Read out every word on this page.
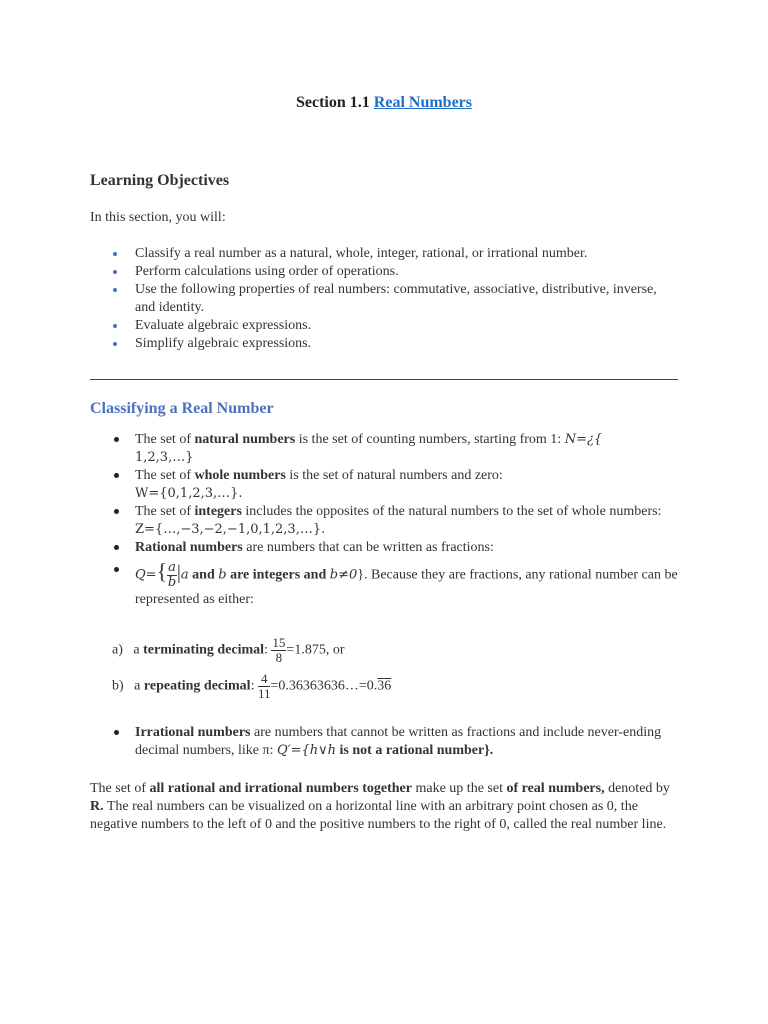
Section 1.1 Real Numbers
Learning Objectives
In this section, you will:
Classify a real number as a natural, whole, integer, rational, or irrational number.
Perform calculations using order of operations.
Use the following properties of real numbers: commutative, associative, distributive, inverse, and identity.
Evaluate algebraic expressions.
Simplify algebraic expressions.
Classifying a Real Number
The set of natural numbers is the set of counting numbers, starting from 1: N=¿{
1,2,3,…}
The set of whole numbers is the set of natural numbers and zero:
W={0,1,2,3,…}.
The set of integers includes the opposites of the natural numbers to the set of whole numbers:
Z={…,−3,−2,−1,0,1,2,3,…}.
Rational numbers are numbers that can be written as fractions:
$Q=\{ \frac{a}{b} |a$ and b are integers and b≠0}. Because they are fractions, any rational number can be represented as either:
a) a terminating decimal: $\frac{15}{8} =1.875$, or
b) a repeating decimal: $\frac{4}{11}$ =0.36363636…=0.36
Irrational numbers are numbers that cannot be written as fractions and include never-ending decimal numbers, like π: Q′={h∨h is not a rational number}.

The set of all rational and irrational numbers together make up the set of real numbers, denoted by R. The real numbers can be visualized on a horizontal line with an arbitrary point chosen as 0, the negative numbers to the left of 0 and the positive numbers to the right of 0, called the real number line.
